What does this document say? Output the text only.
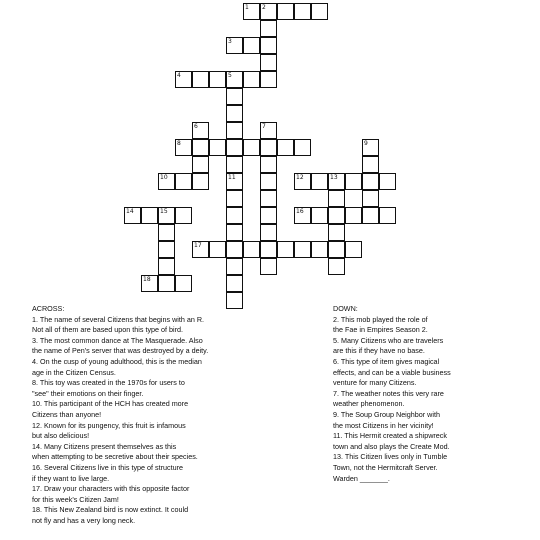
1 2
3
4	5
11
6	7
8	9
10	12	13
14	15	16
17
18
ACROSS:
1. The name of several Citizens that begins with an R.
Not all of them are based upon this type of bird.
3. The most common dance at The Masquerade. Also
the name of Pen's server that was destroyed by a deity.
4. On the cusp of young adulthood, this is the median
age in the Citizen Census.
8. This toy was created in the 1970s for users to
"see" their emotions on their finger.
10. This participant of the HCH has created more
Citizens than anyone!
12. Known for its pungency, this fruit is infamous
but also delicious!
14. Many Citizens present themselves as this
when attempting to be secretive about their species.
16. Several Citizens live in this type of structure
if they want to live large.
17. Draw your characters with this opposite factor
for this week's Citizen Jam!
18. This New Zealand bird is now extinct. It could
not fly and has a very long neck.
DOWN:
2. This mob played the role of
the Fae in Empires Season 2.
5. Many Citizens who are travelers
are this if they have no base.
6. This type of item gives magical
effects, and can be a viable business
venture for many Citizens.
7. The weather notes this very rare
weather phenomenon.
9. The Soup Group Neighbor with
the most Citizens in her vicinity!
11. This Hermit created a shipwreck
town and also plays the Create Mod.
13. This Citizen lives only in Tumble
Town, not the Hermitcraft Server.
Warden _______.
